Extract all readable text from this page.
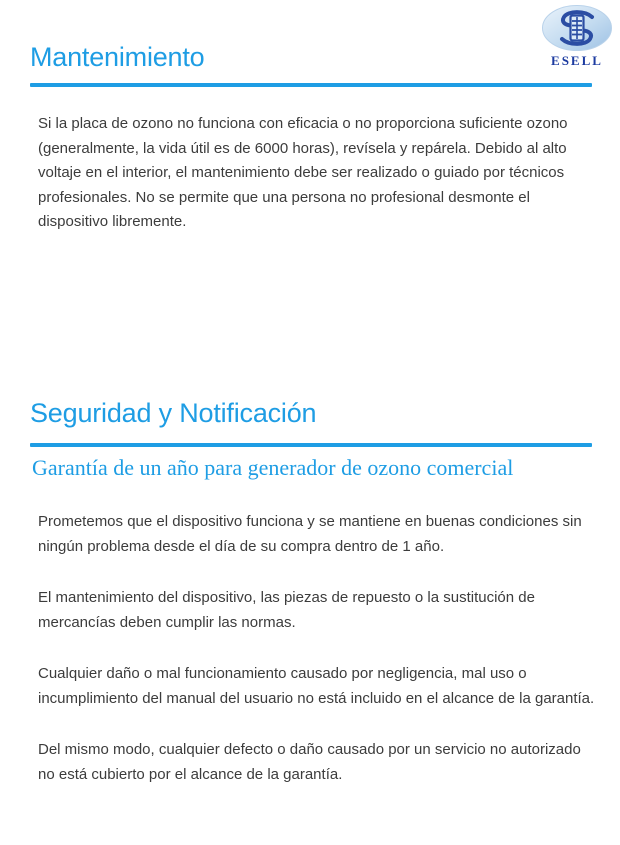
ESELL
Mantenimiento

Si la placa de ozono no funciona con eficacia o no proporciona suficiente ozono (generalmente, la vida útil es de 6000 horas), revísela y repárela. Debido al alto voltaje en el interior, el mantenimiento debe ser realizado o guiado por técnicos profesionales. No se permite que una persona no profesional desmonte el dispositivo libremente.

Seguridad y Notificación
Garantía de un año para generador de ozono comercial

Prometemos que el dispositivo funciona y se mantiene en buenas condiciones sin ningún problema desde el día de su compra dentro de 1 año.

El mantenimiento del dispositivo, las piezas de repuesto o la sustitución de mercancías deben cumplir las normas.

Cualquier daño o mal funcionamiento causado por negligencia, mal uso o incumplimiento del manual del usuario no está incluido en el alcance de la garantía.

Del mismo modo, cualquier defecto o daño causado por un servicio no autorizado no está cubierto por el alcance de la garantía.
